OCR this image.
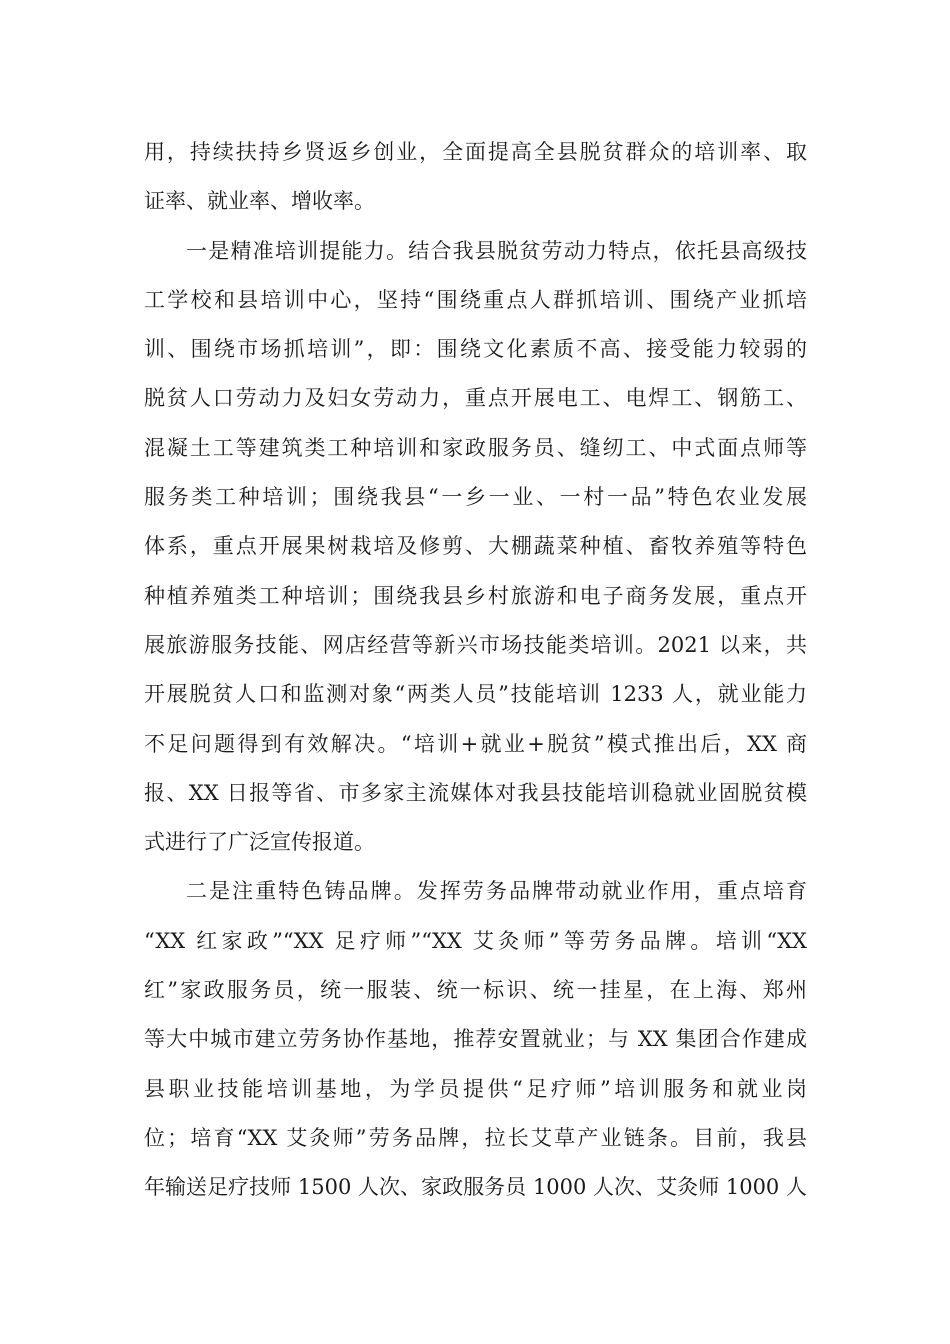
用，持续扶持乡贤返乡创业，全面提高全县脱贫群众的培训率、取
证率、就业率、增收率。
一是精准培训提能力。结合我县脱贫劳动力特点，依托县高级技
工学校和县培训中心，坚持“围绕重点人群抓培训、围绕产业抓培
训、围绕市场抓培训”，即：围绕文化素质不高、接受能力较弱的
脱贫人口劳动力及妇女劳动力，重点开展电工、电焊工、钢筋工、
混凝土工等建筑类工种培训和家政服务员、缝纫工、中式面点师等
服务类工种培训；围绕我县“一乡一业、一村一品”特色农业发展
体系，重点开展果树栽培及修剪、大棚蔬菜种植、畜牧养殖等特色
种植养殖类工种培训；围绕我县乡村旅游和电子商务发展，重点开
展旅游服务技能、网店经营等新兴市场技能类培训。2021 以来，共
开展脱贫人口和监测对象“两类人员”技能培训 1233 人，就业能力
不足问题得到有效解决。“培训+就业+脱贫”模式推出后，XX 商
报、XX 日报等省、市多家主流媒体对我县技能培训稳就业固脱贫模
式进行了广泛宣传报道。
二是注重特色铸品牌。发挥劳务品牌带动就业作用，重点培育
“XX 红家政”“XX 足疗师”“XX 艾灸师”等劳务品牌。培训“XX
红”家政服务员，统一服装、统一标识、统一挂星，在上海、郑州
等大中城市建立劳务协作基地，推荐安置就业；与 XX 集团合作建成
县职业技能培训基地，为学员提供“足疗师”培训服务和就业岗
位；培育“XX 艾灸师”劳务品牌，拉长艾草产业链条。目前，我县
年输送足疗技师 1500 人次、家政服务员 1000 人次、艾灸师 1000 人
